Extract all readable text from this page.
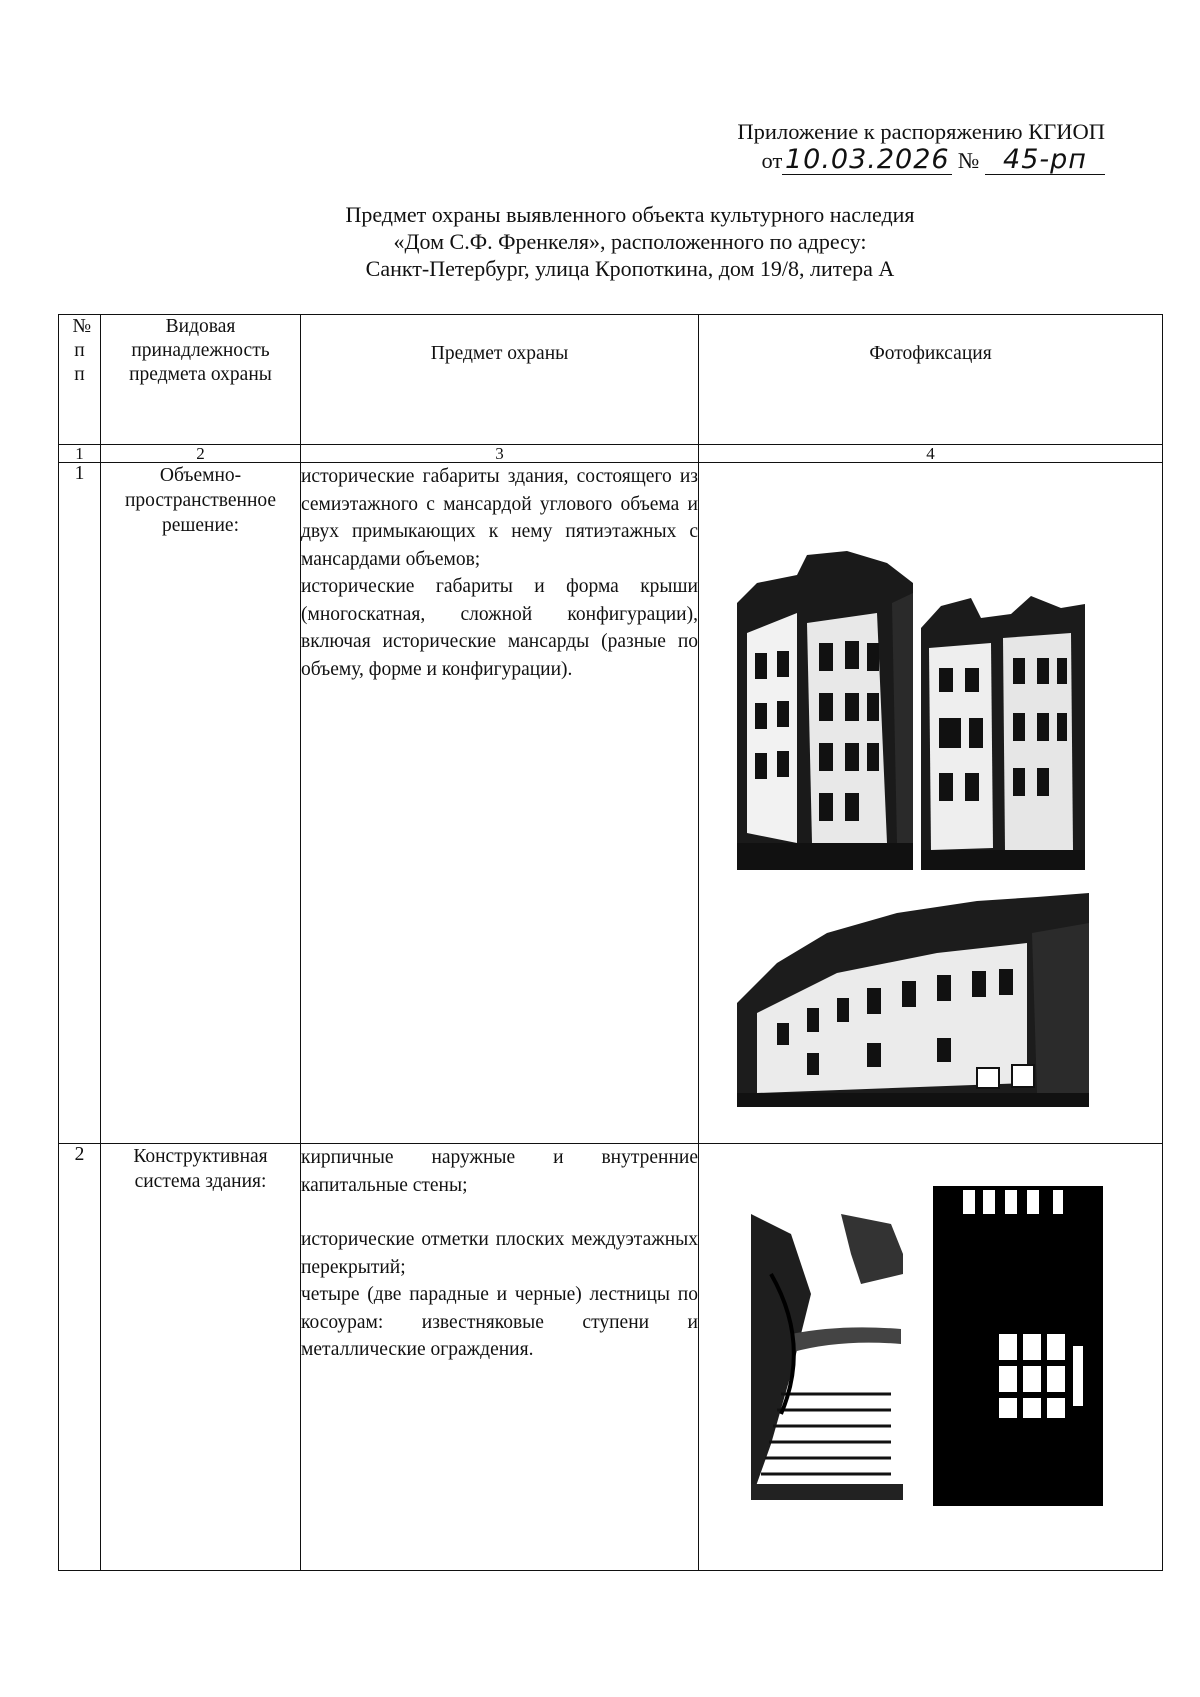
Приложение к распоряжению КГИОП
от 10.03.2026 № 45-рп
Предмет охраны выявленного объекта культурного наследия
«Дом С.Ф. Френкеля», расположенного по адресу:
Санкт-Петербург, улица Кропоткина, дом 19/8, литера А
№ п п	Видовая принадлежность предмета охраны	Предмет охраны	Фотофиксация
1	2	3	4
1	Объемно-пространственное решение:	исторические габариты здания, состоящего из семиэтажного с мансардой углового объема и двух примыкающих к нему пятиэтажных с мансардами объемов;

исторические габариты и форма крыши (многоскатная, сложной конфигурации), включая исторические мансарды (разные по объему, форме и конфигурации).

2	Конструктивная система здания:	кирпичные наружные и внутренние капитальные стены;

исторические отметки плоских междуэтажных перекрытий;

четыре (две парадные и черные) лестницы по косоурам: известняковые ступени и металлические ограждения.
